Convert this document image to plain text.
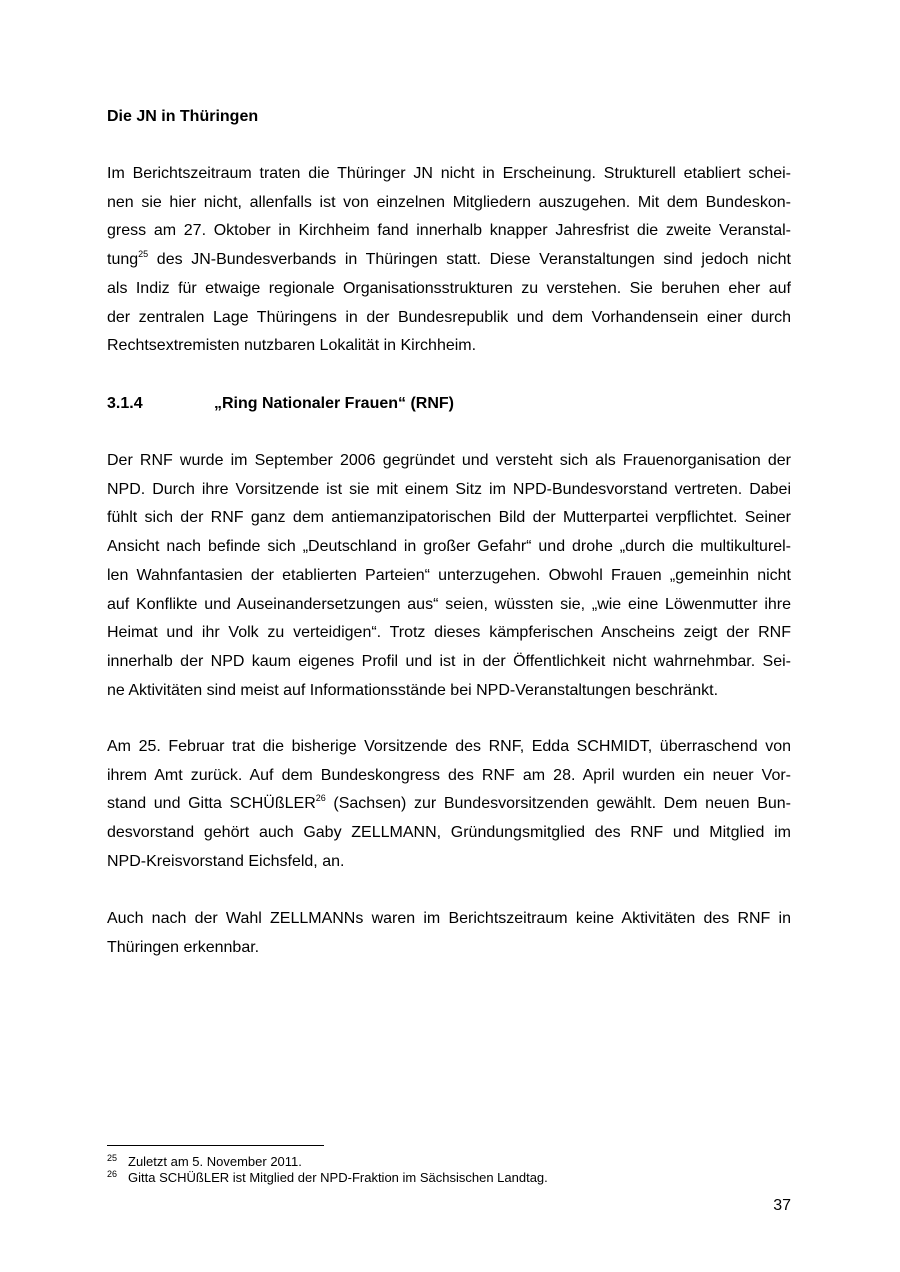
Die JN in Thüringen
Im Berichtszeitraum traten die Thüringer JN nicht in Erscheinung. Strukturell etabliert schei-
nen sie hier nicht, allenfalls ist von einzelnen Mitgliedern auszugehen. Mit dem Bundeskon-
gress am 27. Oktober in Kirchheim fand innerhalb knapper Jahresfrist die zweite Veranstal-
tung$^{25}$ des JN-Bundesverbands in Thüringen statt. Diese Veranstaltungen sind jedoch nicht
als Indiz für etwaige regionale Organisationsstrukturen zu verstehen. Sie beruhen eher auf
der zentralen Lage Thüringens in der Bundesrepublik und dem Vorhandensein einer durch
Rechtsextremisten nutzbaren Lokalität in Kirchheim.
3.1.4	„Ring Nationaler Frauen“ (RNF)
Der RNF wurde im September 2006 gegründet und versteht sich als Frauenorganisation der
NPD. Durch ihre Vorsitzende ist sie mit einem Sitz im NPD-Bundesvorstand vertreten. Dabei
fühlt sich der RNF ganz dem antiemanzipatorischen Bild der Mutterpartei verpflichtet. Seiner
Ansicht nach befinde sich „Deutschland in großer Gefahr“ und drohe „durch die multikulturel-
len Wahnfantasien der etablierten Parteien“ unterzugehen. Obwohl Frauen „gemeinhin nicht
auf Konflikte und Auseinandersetzungen aus“ seien, wüssten sie, „wie eine Löwenmutter ihre
Heimat und ihr Volk zu verteidigen“. Trotz dieses kämpferischen Anscheins zeigt der RNF
innerhalb der NPD kaum eigenes Profil und ist in der Öffentlichkeit nicht wahrnehmbar. Sei-
ne Aktivitäten sind meist auf Informationsstände bei NPD-Veranstaltungen beschränkt.
Am 25. Februar trat die bisherige Vorsitzende des RNF, Edda SCHMIDT, überraschend von
ihrem Amt zurück. Auf dem Bundeskongress des RNF am 28. April wurden ein neuer Vor-
stand und Gitta SCHÜßLER$^{26}$ (Sachsen) zur Bundesvorsitzenden gewählt. Dem neuen Bun-
desvorstand gehört auch Gaby ZELLMANN, Gründungsmitglied des RNF und Mitglied im
NPD-Kreisvorstand Eichsfeld, an.
Auch nach der Wahl ZELLMANNs waren im Berichtszeitraum keine Aktivitäten des RNF in
Thüringen erkennbar.
25 Zuletzt am 5. November 2011.
26 Gitta SCHÜßLER ist Mitglied der NPD-Fraktion im Sächsischen Landtag.
37
